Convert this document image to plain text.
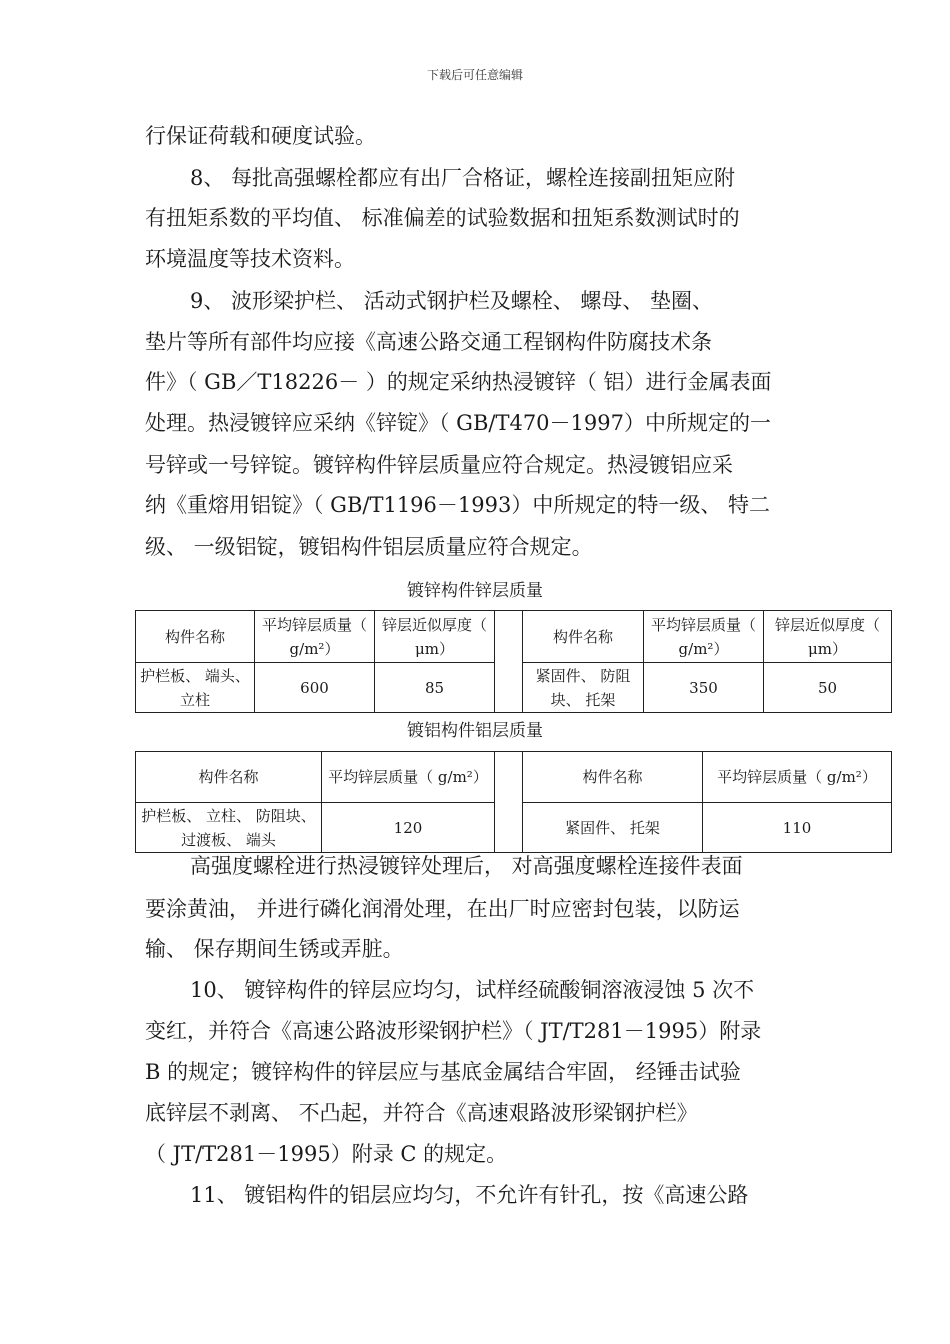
下载后可任意编辑
行保证荷载和硬度试验。
8、 每批高强螺栓都应有出厂合格证，螺栓连接副扭矩应附
有扭矩系数的平均值、 标准偏差的试验数据和扭矩系数测试时的
环境温度等技术资料。
9、 波形梁护栏、 活动式钢护栏及螺栓、 螺母、 垫圈、
垫片等所有部件均应接《高速公路交通工程钢构件防腐技术条
件》（ GB／T18226－ ）的规定采纳热浸镀锌（ 铝）进行金属表面
处理。热浸镀锌应采纳《锌锭》（ GB/T470－1997）中所规定的一
号锌或一号锌锭。镀锌构件锌层质量应符合规定。热浸镀铝应采
纳《重熔用铝锭》（ GB/T1196－1993）中所规定的特一级、 特二
级、 一级铝锭，镀铝构件铝层质量应符合规定。
镀锌构件锌层质量
构件名称	平均锌层质量（ g/m²）	锌层近似厚度（ μm）		构件名称	平均锌层质量（ g/m²）	锌层近似厚度（ μm）
护栏板、 端头、 立柱	600	85		紧固件、 防阻块、 托架	350	50
镀铝构件铝层质量
构件名称	平均锌层质量（ g/m²）		构件名称	平均锌层质量（ g/m²）
护栏板、 立柱、 防阻块、 过渡板、 端头	120		紧固件、 托架	110
高强度螺栓进行热浸镀锌处理后， 对高强度螺栓连接件表面
要涂黄油， 并进行磷化润滑处理，在出厂时应密封包装，以防运
输、 保存期间生锈或弄脏。
10、 镀锌构件的锌层应均匀，试样经硫酸铜溶液浸蚀 5 次不
变红，并符合《高速公路波形梁钢护栏》（ JT/T281－1995）附录
B 的规定；镀锌构件的锌层应与基底金属结合牢固， 经锤击试验
底锌层不剥离、 不凸起，并符合《高速艰路波形梁钢护栏》
（ JT/T281－1995）附录 C 的规定。
11、 镀铝构件的铝层应均匀，不允许有针孔，按《高速公路
